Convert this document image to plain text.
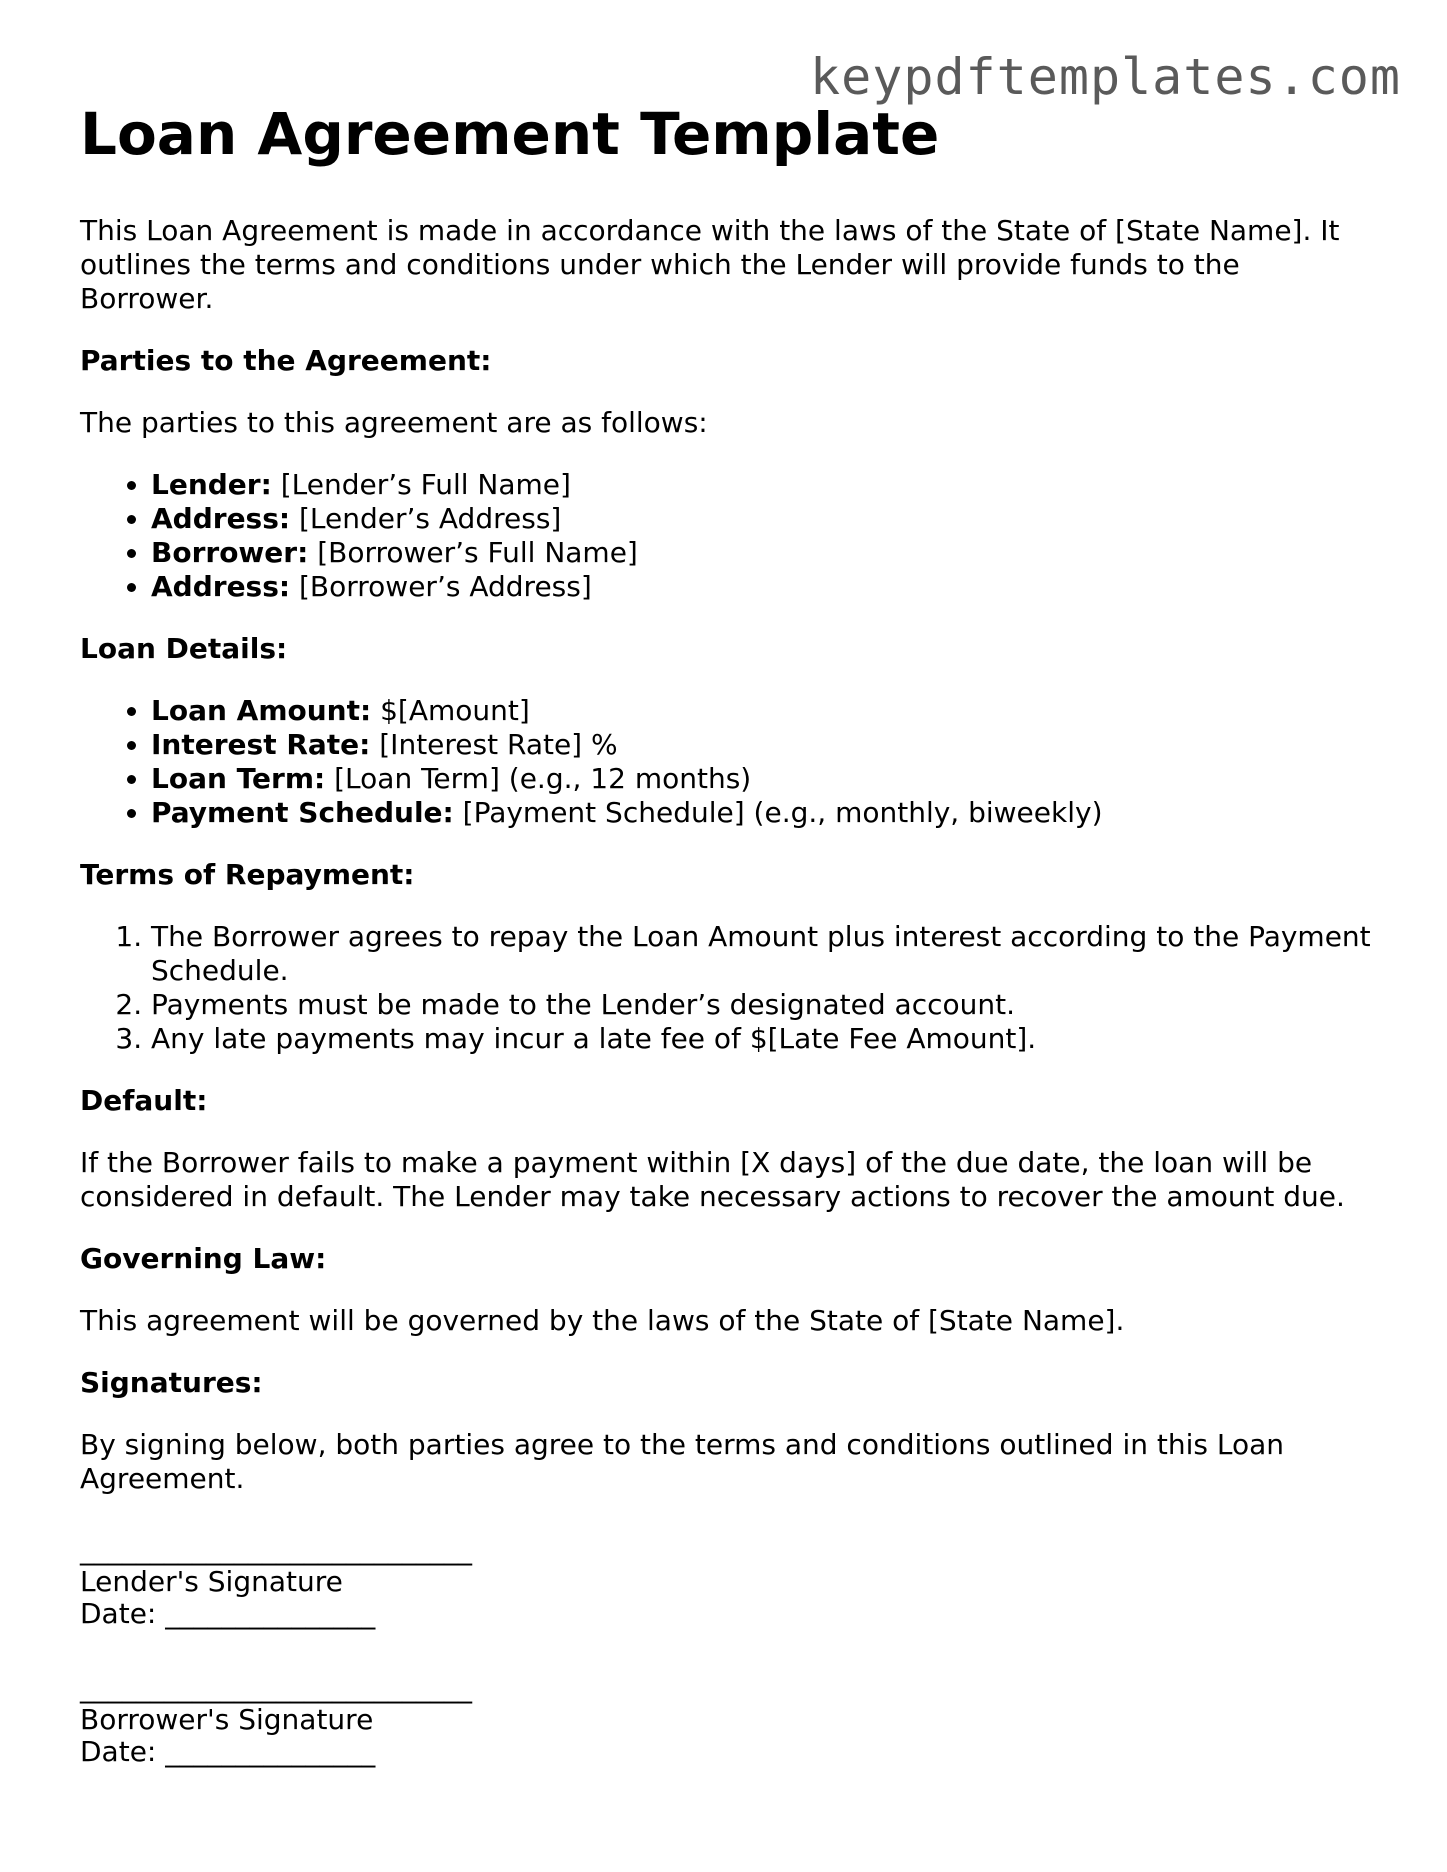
keypdftemplates.com
Loan Agreement Template

This Loan Agreement is made in accordance with the laws of the State of [State Name]. It outlines the terms and conditions under which the Lender will provide funds to the Borrower.

Parties to the Agreement:

The parties to this agreement are as follows:

• Lender: [Lender’s Full Name]
• Address: [Lender’s Address]
• Borrower: [Borrower’s Full Name]
• Address: [Borrower’s Address]
Loan Details:
• Loan Amount: $[Amount]
• Interest Rate: [Interest Rate] %
• Loan Term: [Loan Term] (e.g., 12 months)
• Payment Schedule: [Payment Schedule] (e.g., monthly, biweekly)
Terms of Repayment:
1. The Borrower agrees to repay the Loan Amount plus interest according to the Payment Schedule.
2. Payments must be made to the Lender’s designated account.
3. Any late payments may incur a late fee of $[Late Fee Amount].
Default:

If the Borrower fails to make a payment within [X days] of the due date, the loan will be considered in default. The Lender may take necessary actions to recover the amount due.

Governing Law:

This agreement will be governed by the laws of the State of [State Name].

Signatures:

By signing below, both parties agree to the terms and conditions outlined in this Loan Agreement.

____________________________
Lender's Signature
Date: _______________
____________________________
Borrower's Signature
Date: _______________
